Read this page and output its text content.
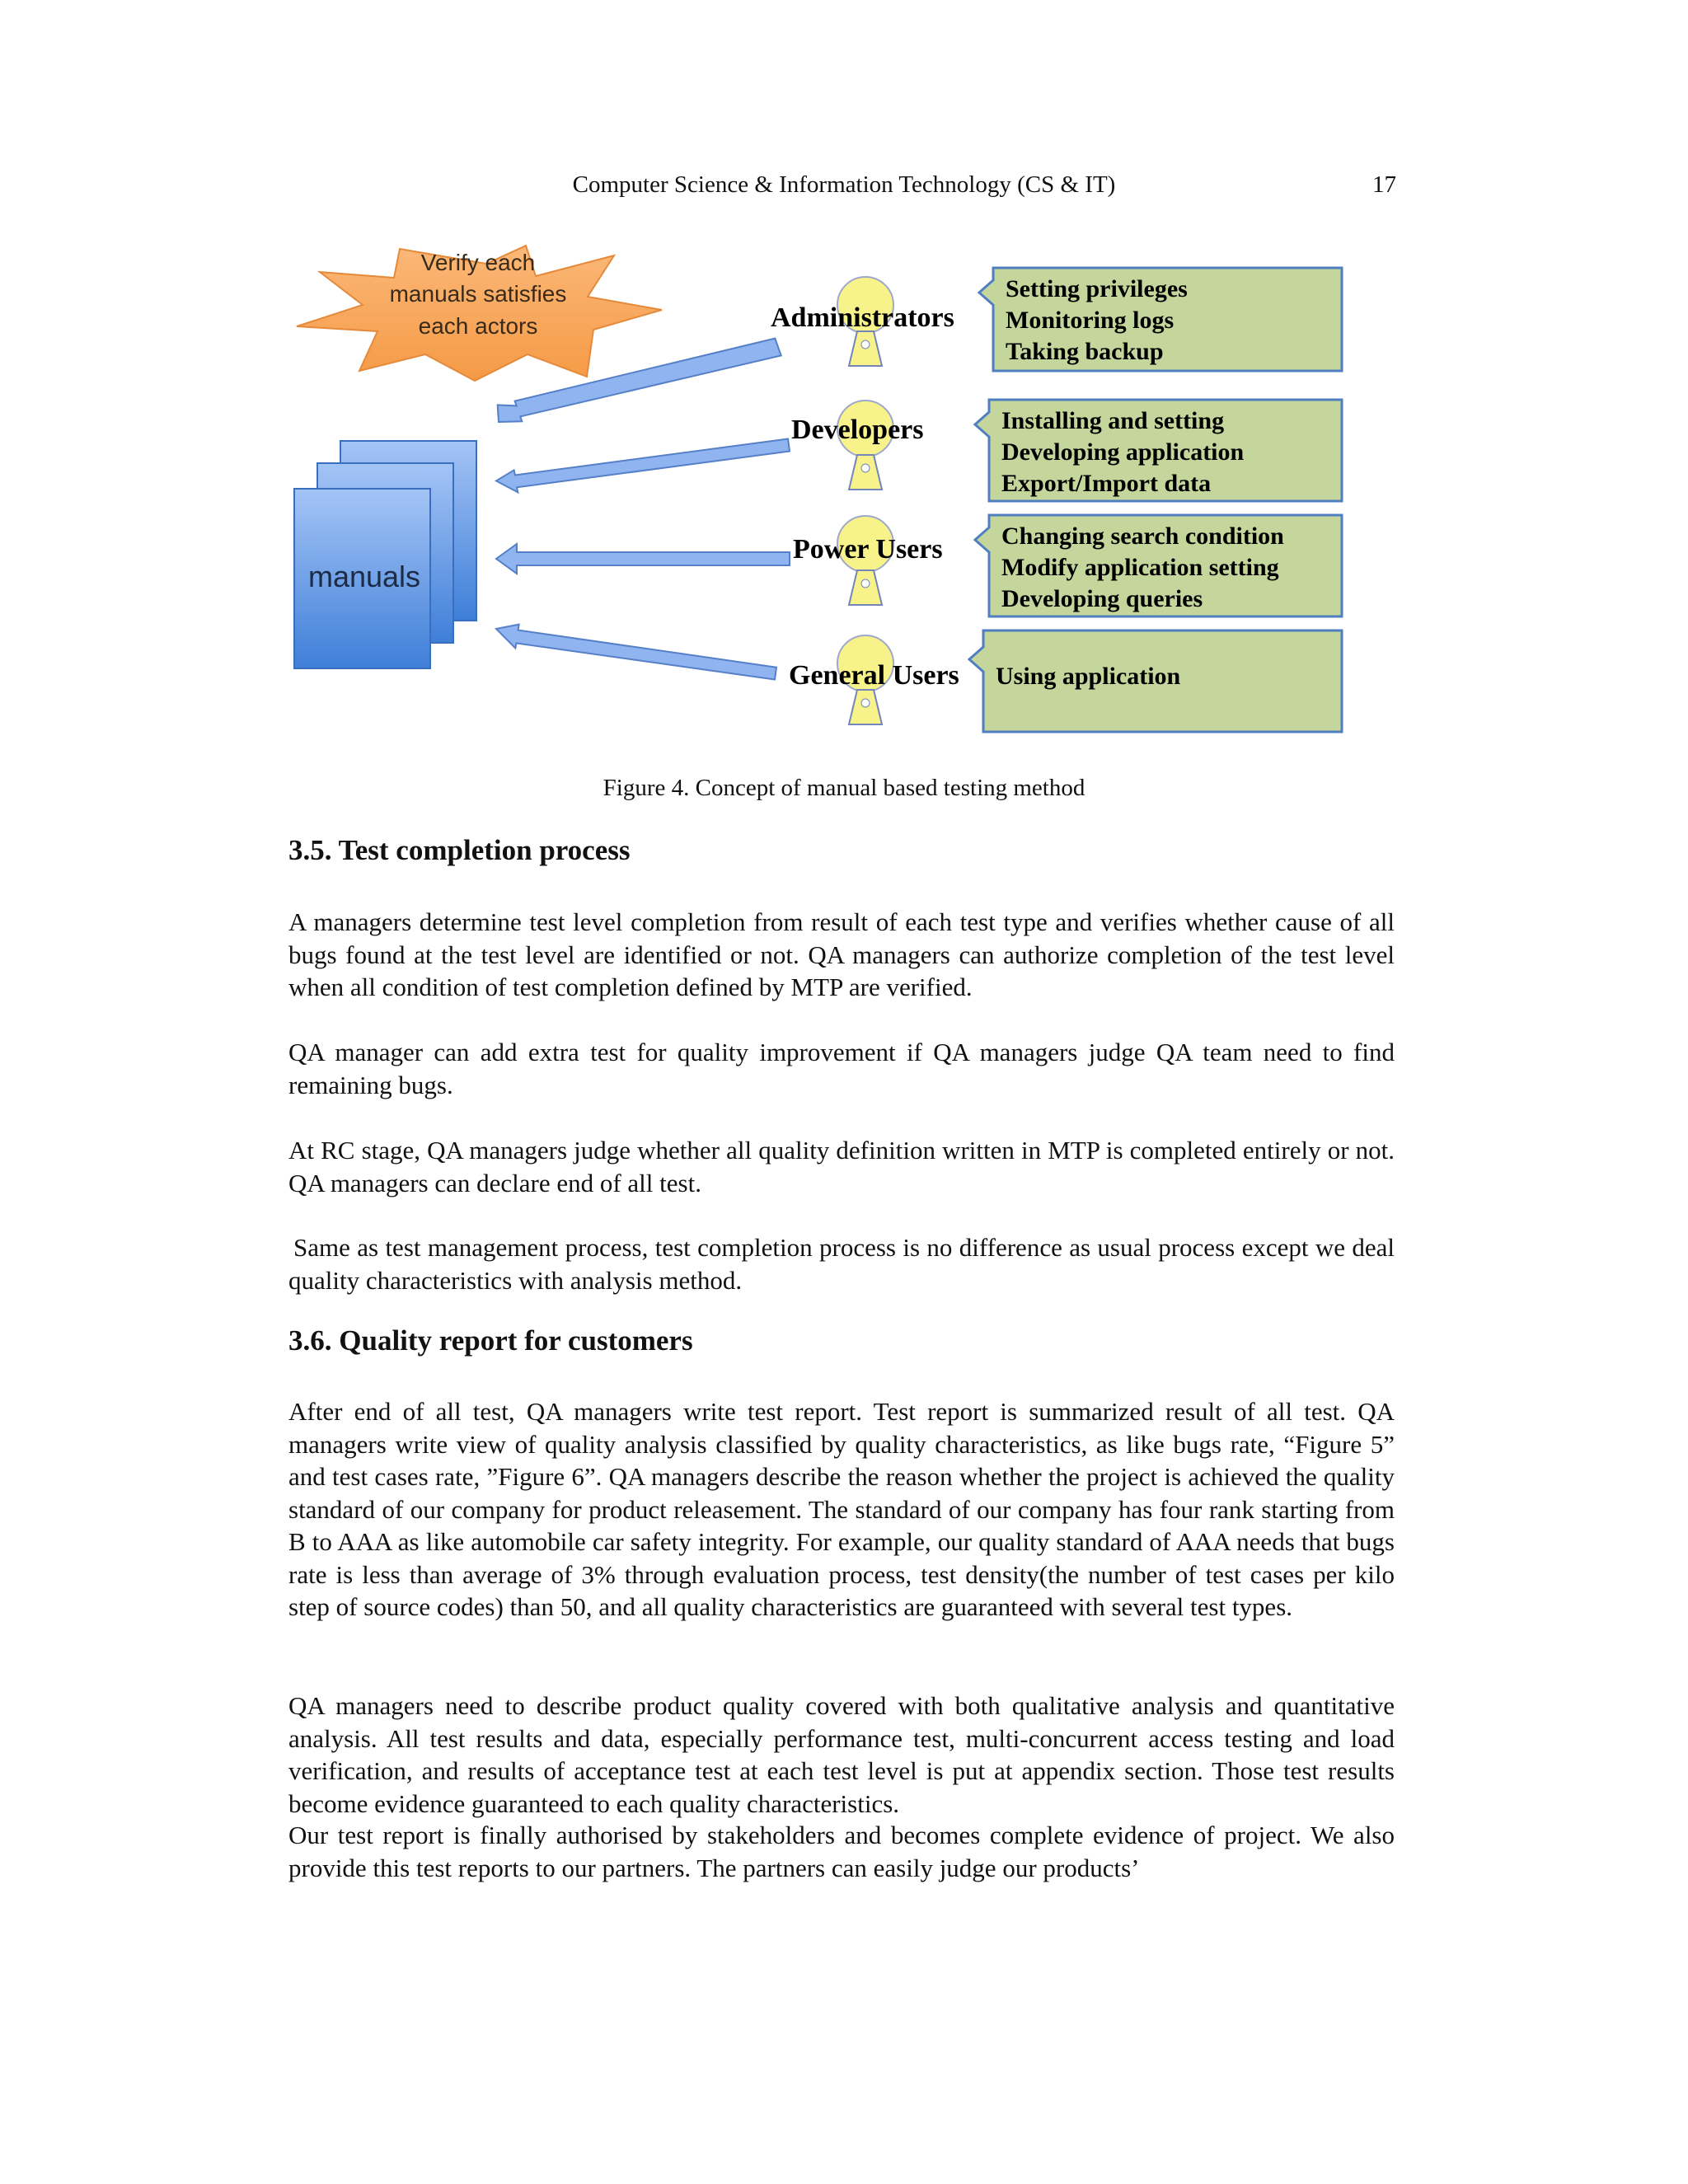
Computer Science & Information Technology (CS & IT)	17
Verify each
manuals satisfies
each actors
manuals
Administrators
Developers
Power Users
General Users
Setting privileges
Monitoring logs
Taking backup
Installing and setting
Developing application
Export/Import data
Changing search condition
Modify application setting
Developing queries
Using application
Figure 4. Concept of manual based testing method
3.5. Test completion process

A managers determine test level completion from result of each test type and verifies whether cause of all bugs found at the test level are identified or not. QA managers can authorize completion of the test level when all condition of test completion defined by MTP are verified.

QA manager can add extra test for quality improvement if QA managers judge QA team need to find remaining bugs.

At RC stage, QA managers judge whether all quality definition written in MTP is completed entirely or not. QA managers can declare end of all test.

Same as test management process, test completion process is no difference as usual process except we deal quality characteristics with analysis method.

3.6. Quality report for customers

After end of all test, QA managers write test report. Test report is summarized result of all test. QA managers write view of quality analysis classified by quality characteristics, as like bugs rate, “Figure 5” and test cases rate, ”Figure 6”. QA managers describe the reason whether the project is achieved the quality standard of our company for product releasement. The standard of our company has four rank starting from B to AAA as like automobile car safety integrity. For example, our quality standard of AAA needs that bugs rate is less than average of 3% through evaluation process, test density(the number of test cases per kilo step of source codes) than 50, and all quality characteristics are guaranteed with several test types.

QA managers need to describe product quality covered with both qualitative analysis and quantitative analysis. All test results and data, especially performance test, multi-concurrent access testing and load verification, and results of acceptance test at each test level is put at appendix section. Those test results become evidence guaranteed to each quality characteristics.

Our test report is finally authorised by stakeholders and becomes complete evidence of project. We also provide this test reports to our partners. The partners can easily judge our products’
